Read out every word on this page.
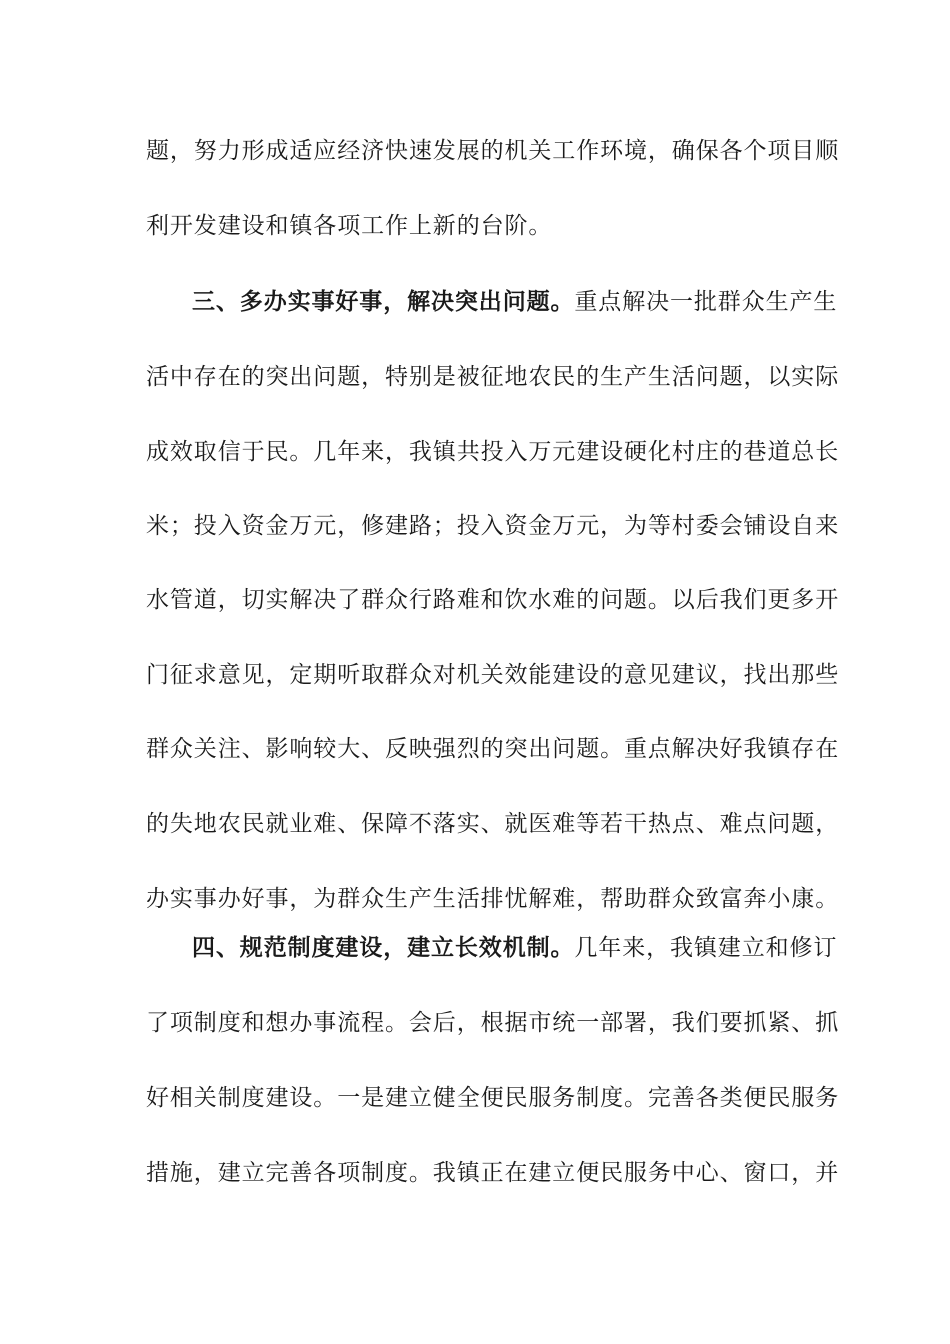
题，努力形成适应经济快速发展的机关工作环境，确保各个项目顺
利开发建设和镇各项工作上新的台阶。
三、多办实事好事，解决突出问题。重点解决一批群众生产生
活中存在的突出问题，特别是被征地农民的生产生活问题，以实际
成效取信于民。几年来，我镇共投入万元建设硬化村庄的巷道总长
米；投入资金万元，修建路；投入资金万元，为等村委会铺设自来
水管道，切实解决了群众行路难和饮水难的问题。以后我们更多开
门征求意见，定期听取群众对机关效能建设的意见建议，找出那些
群众关注、影响较大、反映强烈的突出问题。重点解决好我镇存在
的失地农民就业难、保障不落实、就医难等若干热点、难点问题，
办实事办好事，为群众生产生活排忧解难，帮助群众致富奔小康。
四、规范制度建设，建立长效机制。几年来，我镇建立和修订
了项制度和想办事流程。会后，根据市统一部署，我们要抓紧、抓
好相关制度建设。一是建立健全便民服务制度。完善各类便民服务
措施，建立完善各项制度。我镇正在建立便民服务中心、窗口，并
